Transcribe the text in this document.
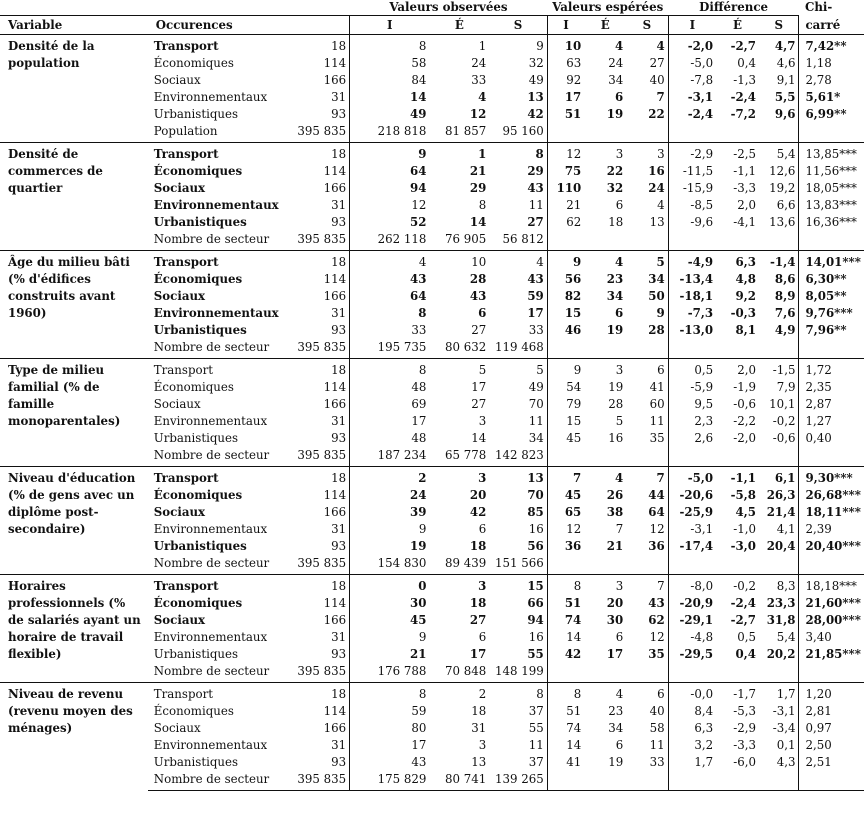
			Valeurs observées			Valeurs espérées			Différence			Chi-
Variable	Occurences		I	É	S	I	É	S	I	É	S	carré
Densité de la population	Transport	18	8	1	9	10	4	4	-2,0	-2,7	4,7	7,42**
	Économiques	114	58	24	32	63	24	27	-5,0	0,4	4,6	1,18
	Sociaux	166	84	33	49	92	34	40	-7,8	-1,3	9,1	2,78
	Environnementaux	31	14	4	13	17	6	7	-3,1	-2,4	5,5	5,61*
	Urbanistiques	93	49	12	42	51	19	22	-2,4	-7,2	9,6	6,99**
	Population	395 835	218 818	81 857	95 160							
Densité de commerces de quartier	Transport	18	9	1	8	12	3	3	-2,9	-2,5	5,4	13,85***
	Économiques	114	64	21	29	75	22	16	-11,5	-1,1	12,6	11,56***
	Sociaux	166	94	29	43	110	32	24	-15,9	-3,3	19,2	18,05***
	Environnementaux	31	12	8	11	21	6	4	-8,5	2,0	6,6	13,83***
	Urbanistiques	93	52	14	27	62	18	13	-9,6	-4,1	13,6	16,36***
	Nombre de secteur	395 835	262 118	76 905	56 812							
Âge du milieu bâti (% d'édifices construits avant 1960)	Transport	18	4	10	4	9	4	5	-4,9	6,3	-1,4	14,01***
	Économiques	114	43	28	43	56	23	34	-13,4	4,8	8,6	6,30**
	Sociaux	166	64	43	59	82	34	50	-18,1	9,2	8,9	8,05**
	Environnementaux	31	8	6	17	15	6	9	-7,3	-0,3	7,6	9,76***
	Urbanistiques	93	33	27	33	46	19	28	-13,0	8,1	4,9	7,96**
	Nombre de secteur	395 835	195 735	80 632	119 468							
Type de milieu familial (% de famille monoparentales)	Transport	18	8	5	5	9	3	6	0,5	2,0	-1,5	1,72
	Économiques	114	48	17	49	54	19	41	-5,9	-1,9	7,9	2,35
	Sociaux	166	69	27	70	79	28	60	9,5	-0,6	10,1	2,87
	Environnementaux	31	17	3	11	15	5	11	2,3	-2,2	-0,2	1,27
	Urbanistiques	93	48	14	34	45	16	35	2,6	-2,0	-0,6	0,40
	Nombre de secteur	395 835	187 234	65 778	142 823							
Niveau d'éducation (% de gens avec un diplôme post-secondaire)	Transport	18	2	3	13	7	4	7	-5,0	-1,1	6,1	9,30***
	Économiques	114	24	20	70	45	26	44	-20,6	-5,8	26,3	26,68***
	Sociaux	166	39	42	85	65	38	64	-25,9	4,5	21,4	18,11***
	Environnementaux	31	9	6	16	12	7	12	-3,1	-1,0	4,1	2,39
	Urbanistiques	93	19	18	56	36	21	36	-17,4	-3,0	20,4	20,40***
	Nombre de secteur	395 835	154 830	89 439	151 566							
Horaires professionnels (% de salariés ayant un horaire de travail flexible)	Transport	18	0	3	15	8	3	7	-8,0	-0,2	8,3	18,18***
	Économiques	114	30	18	66	51	20	43	-20,9	-2,4	23,3	21,60***
	Sociaux	166	45	27	94	74	30	62	-29,1	-2,7	31,8	28,00***
	Environnementaux	31	9	6	16	14	6	12	-4,8	0,5	5,4	3,40
	Urbanistiques	93	21	17	55	42	17	35	-29,5	0,4	20,2	21,85***
	Nombre de secteur	395 835	176 788	70 848	148 199							
Niveau de revenu (revenu moyen des ménages)	Transport	18	8	2	8	8	4	6	-0,0	-1,7	1,7	1,20
	Économiques	114	59	18	37	51	23	40	8,4	-5,3	-3,1	2,81
	Sociaux	166	80	31	55	74	34	58	6,3	-2,9	-3,4	0,97
	Environnementaux	31	17	3	11	14	6	11	3,2	-3,3	0,1	2,50
	Urbanistiques	93	43	13	37	41	19	33	1,7	-6,0	4,3	2,51
	Nombre de secteur	395 835	175 829	80 741	139 265							
